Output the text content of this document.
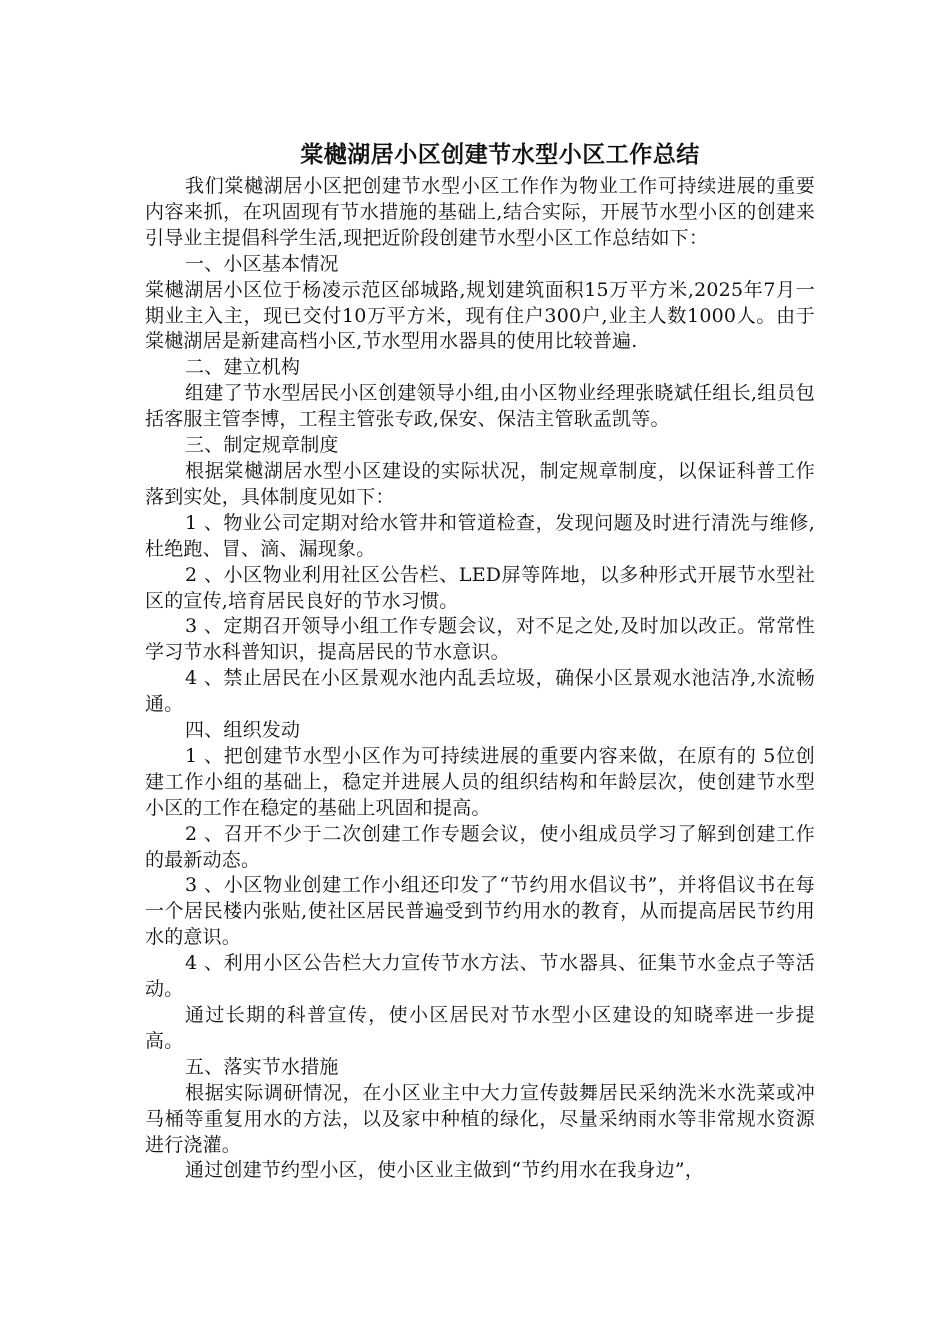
棠樾湖居小区创建节水型小区工作总结

我们棠樾湖居小区把创建节水型小区工作作为物业工作可持续进展的重要内容来抓，在巩固现有节水措施的基础上,结合实际，开展节水型小区的创建来引导业主提倡科学生活,现把近阶段创建节水型小区工作总结如下：

一、小区基本情况

棠樾湖居小区位于杨凌示范区邰城路,规划建筑面积15万平方米,2025年7月一期业主入主，现已交付10万平方米，现有住户300户,业主人数1000人。由于棠樾湖居是新建高档小区,节水型用水器具的使用比较普遍.

二、建立机构

组建了节水型居民小区创建领导小组,由小区物业经理张晓斌任组长,组员包括客服主管李博，工程主管张专政,保安、保洁主管耿孟凯等。

三、制定规章制度

根据棠樾湖居水型小区建设的实际状况，制定规章制度，以保证科普工作落到实处，具体制度见如下：

1 、物业公司定期对给水管井和管道检查，发现问题及时进行清洗与维修,杜绝跑、冒、滴、漏现象。

2 、小区物业利用社区公告栏、LED屏等阵地，以多种形式开展节水型社区的宣传,培育居民良好的节水习惯。

3 、定期召开领导小组工作专题会议，对不足之处,及时加以改正。常常性学习节水科普知识，提高居民的节水意识。

4 、禁止居民在小区景观水池内乱丢垃圾，确保小区景观水池洁净,水流畅通。

四、组织发动

1 、把创建节水型小区作为可持续进展的重要内容来做，在原有的 5位创建工作小组的基础上，稳定并进展人员的组织结构和年龄层次，使创建节水型小区的工作在稳定的基础上巩固和提高。

2 、召开不少于二次创建工作专题会议，使小组成员学习了解到创建工作的最新动态。

3 、小区物业创建工作小组还印发了“节约用水倡议书”，并将倡议书在每一个居民楼内张贴,使社区居民普遍受到节约用水的教育，从而提高居民节约用水的意识。

4 、利用小区公告栏大力宣传节水方法、节水器具、征集节水金点子等活动。

通过长期的科普宣传，使小区居民对节水型小区建设的知晓率进一步提高。

五、落实节水措施

根据实际调研情况，在小区业主中大力宣传鼓舞居民采纳洗米水洗菜或冲马桶等重复用水的方法，以及家中种植的绿化，尽量采纳雨水等非常规水资源进行浇灌。

通过创建节约型小区，使小区业主做到“节约用水在我身边”，
